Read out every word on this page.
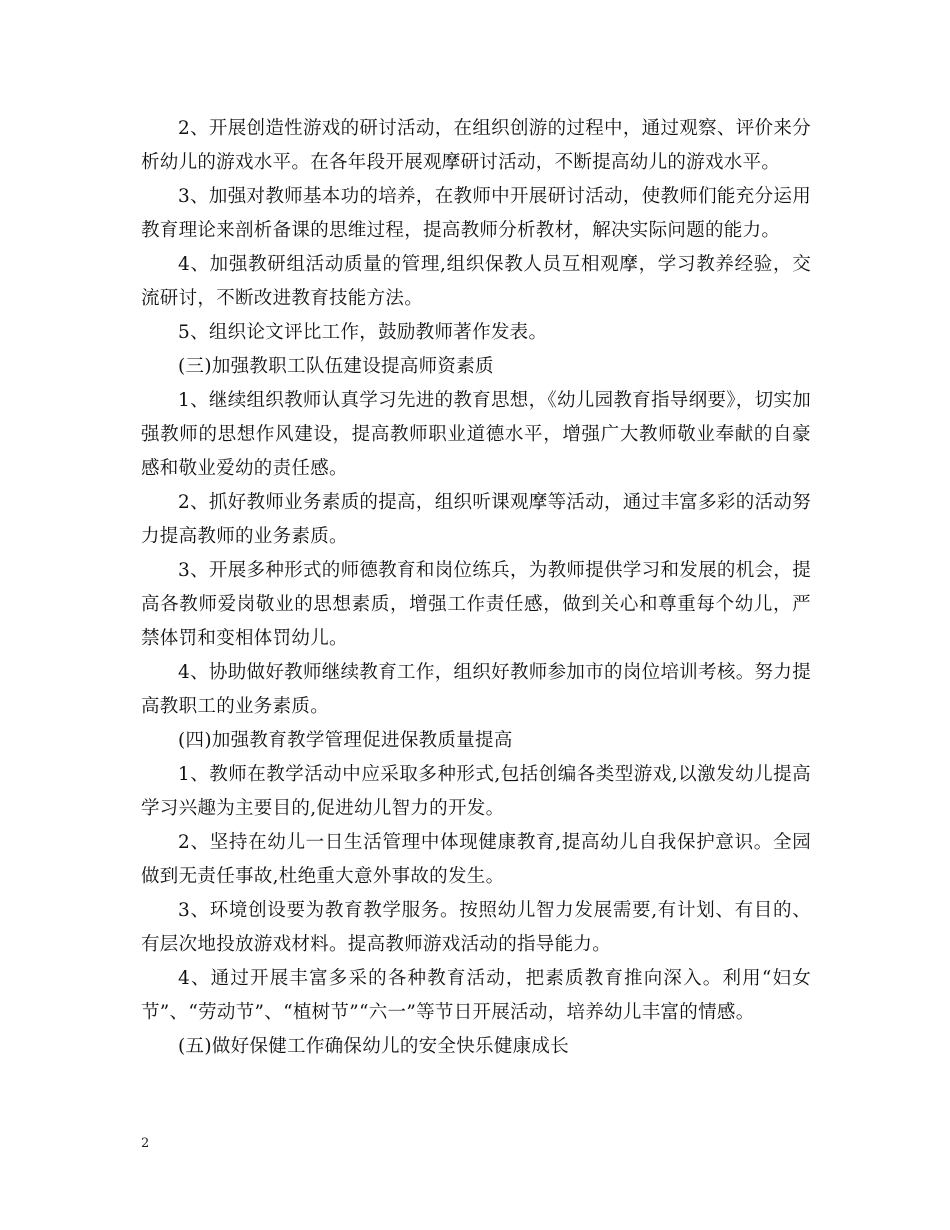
2、开展创造性游戏的研讨活动，在组织创游的过程中，通过观察、评价来分析幼儿的游戏水平。在各年段开展观摩研讨活动，不断提高幼儿的游戏水平。

3、加强对教师基本功的培养，在教师中开展研讨活动，使教师们能充分运用教育理论来剖析备课的思维过程，提高教师分析教材，解决实际问题的能力。

4、加强教研组活动质量的管理,组织保教人员互相观摩，学习教养经验，交流研讨，不断改进教育技能方法。

5、组织论文评比工作，鼓励教师著作发表。

(三)加强教职工队伍建设提高师资素质

1、继续组织教师认真学习先进的教育思想，《幼儿园教育指导纲要》，切实加强教师的思想作风建设，提高教师职业道德水平，增强广大教师敬业奉献的自豪感和敬业爱幼的责任感。

2、抓好教师业务素质的提高，组织听课观摩等活动，通过丰富多彩的活动努力提高教师的业务素质。

3、开展多种形式的师德教育和岗位练兵，为教师提供学习和发展的机会，提高各教师爱岗敬业的思想素质，增强工作责任感，做到关心和尊重每个幼儿，严禁体罚和变相体罚幼儿。

4、协助做好教师继续教育工作，组织好教师参加市的岗位培训考核。努力提高教职工的业务素质。

(四)加强教育教学管理促进保教质量提高

1、教师在教学活动中应采取多种形式,包括创编各类型游戏,以激发幼儿提高学习兴趣为主要目的,促进幼儿智力的开发。

2、坚持在幼儿一日生活管理中体现健康教育,提高幼儿自我保护意识。全园做到无责任事故,杜绝重大意外事故的发生。

3、环境创设要为教育教学服务。按照幼儿智力发展需要,有计划、有目的、有层次地投放游戏材料。提高教师游戏活动的指导能力。

4、通过开展丰富多采的各种教育活动，把素质教育推向深入。利用“妇女节”、“劳动节”、“植树节”“六一”等节日开展活动，培养幼儿丰富的情感。

(五)做好保健工作确保幼儿的安全快乐健康成长

2
